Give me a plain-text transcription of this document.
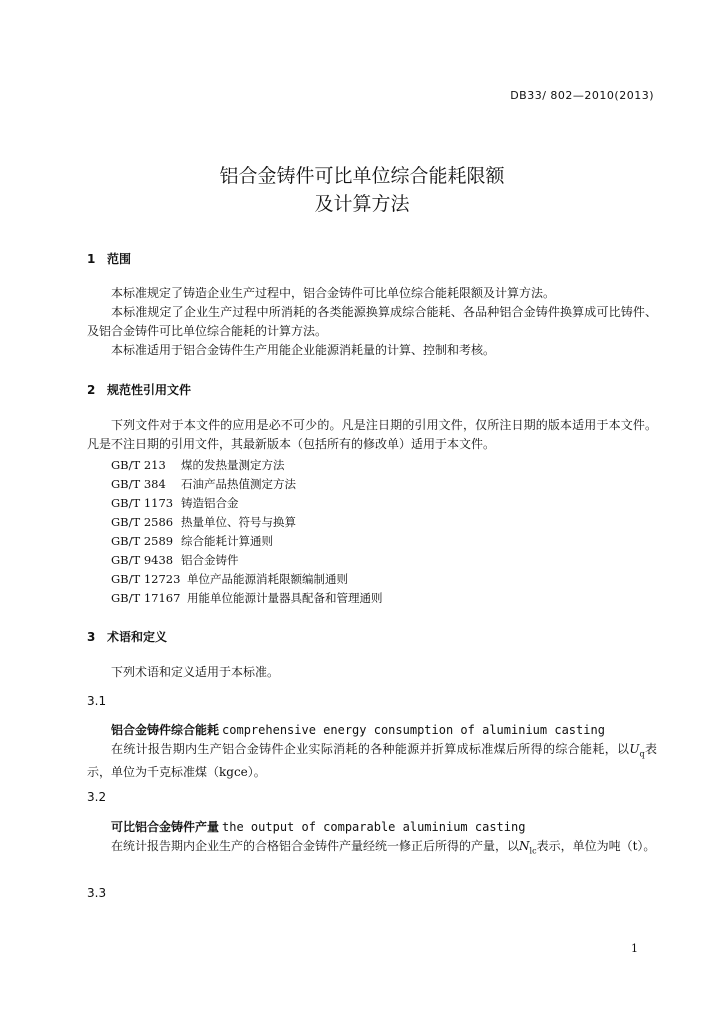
DB33/ 802—2010(2013)
铝合金铸件可比单位综合能耗限额
及计算方法
1 范围
本标准规定了铸造企业生产过程中，铝合金铸件可比单位综合能耗限额及计算方法。
本标准规定了企业生产过程中所消耗的各类能源换算成综合能耗、各品种铝合金铸件换算成可比铸件、及铝合金铸件可比单位综合能耗的计算方法。
本标准适用于铝合金铸件生产用能企业能源消耗量的计算、控制和考核。
2 规范性引用文件
下列文件对于本文件的应用是必不可少的。凡是注日期的引用文件，仅所注日期的版本适用于本文件。凡是不注日期的引用文件，其最新版本（包括所有的修改单）适用于本文件。
GB/T 213 煤的发热量测定方法
GB/T 384 石油产品热值测定方法
GB/T 1173 铸造铝合金
GB/T 2586 热量单位、符号与换算
GB/T 2589 综合能耗计算通则
GB/T 9438 铝合金铸件
GB/T 12723 单位产品能源消耗限额编制通则
GB/T 17167 用能单位能源计量器具配备和管理通则
3 术语和定义
下列术语和定义适用于本标准。
3.1
铝合金铸件综合能耗 comprehensive energy consumption of aluminium casting
在统计报告期内生产铝合金铸件企业实际消耗的各种能源并折算成标准煤后所得的综合能耗，以$U_q$表示，单位为千克标准煤（kgce）。
3.2
可比铝合金铸件产量 the output of comparable aluminium casting
在统计报告期内企业生产的合格铝合金铸件产量经统一修正后所得的产量，以$N_{lc}$表示，单位为吨（t）。
3.3
1
